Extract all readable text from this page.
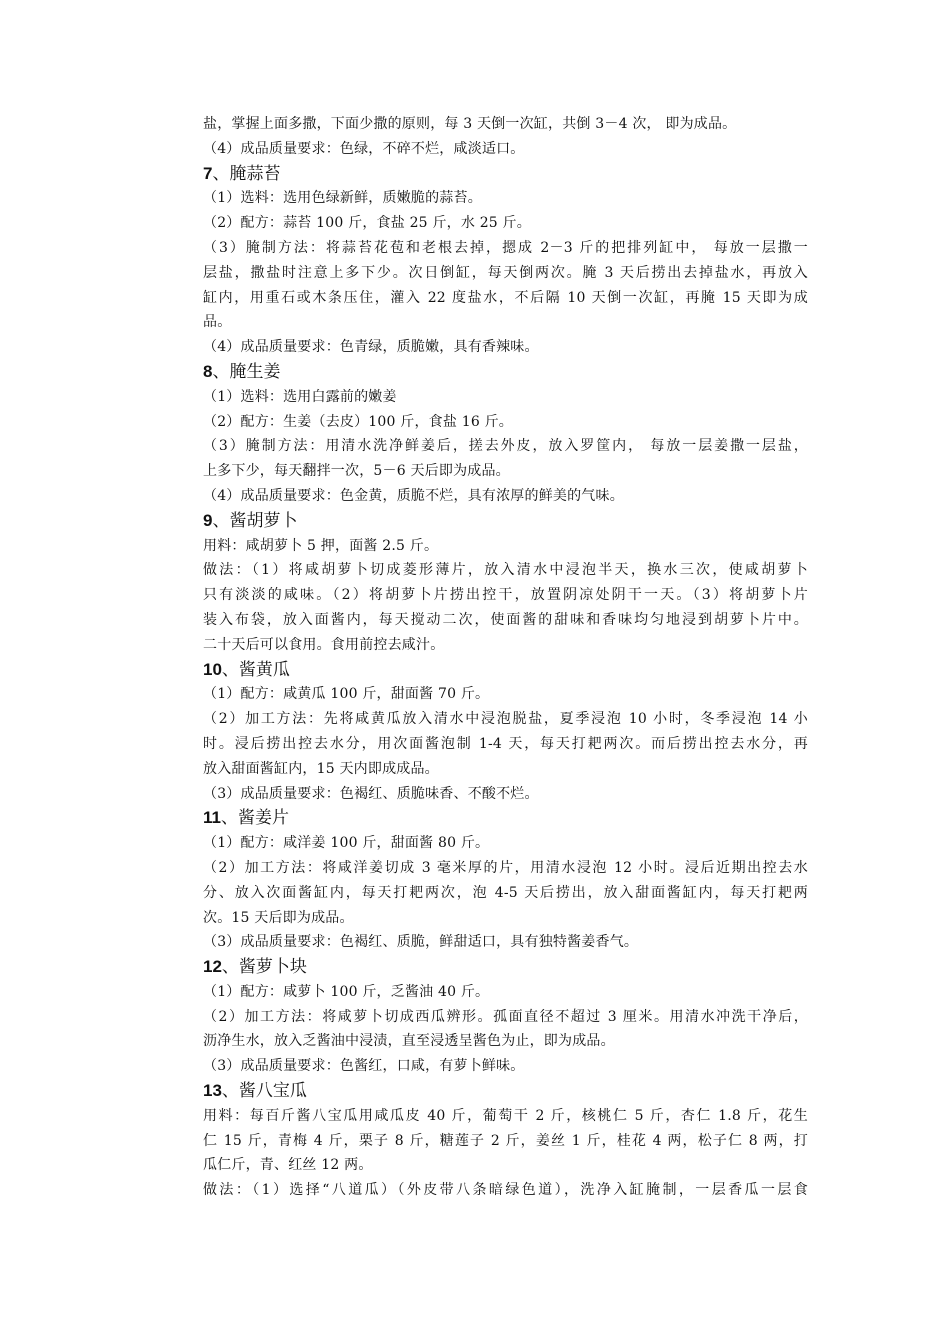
盐，掌握上面多撒，下面少撒的原则，每 3 天倒一次缸，共倒 3－4 次， 即为成品。
（4）成品质量要求：色绿，不碎不烂，咸淡适口。
7、腌蒜苔
（1）选料：选用色绿新鲜，质嫩脆的蒜苔。
（2）配方：蒜苔 100 斤，食盐 25 斤，水 25 斤。
（3）腌制方法：将蒜苔花苞和老根去掉，摁成 2－3 斤的把排列缸中， 每放一层撒一
层盐，撒盐时注意上多下少。次日倒缸，每天倒两次。腌 3 天后捞出去掉盐水，再放入
缸内，用重石或木条压住，灌入 22 度盐水，不后隔 10 天倒一次缸，再腌 15 天即为成
品。
（4）成品质量要求：色青绿，质脆嫩，具有香辣味。
8、腌生姜
（1）选料：选用白露前的嫩姜
（2）配方：生姜（去皮）100 斤，食盐 16 斤。
（3）腌制方法：用清水洗净鲜姜后，搓去外皮，放入罗筐内， 每放一层姜撒一层盐，
上多下少，每天翻拌一次，5－6 天后即为成品。
（4）成品质量要求：色金黄，质脆不烂，具有浓厚的鲜美的气味。
9、酱胡萝卜
用料：咸胡萝卜 5 押，面酱 2.5 斤。
做法：（1）将咸胡萝卜切成菱形薄片，放入清水中浸泡半天，换水三次，使咸胡萝卜
只有淡淡的咸味。（2）将胡萝卜片捞出控干，放置阴凉处阴干一天。（3）将胡萝卜片
装入布袋，放入面酱内，每天搅动二次，使面酱的甜味和香味均匀地浸到胡萝卜片中。
二十天后可以食用。食用前控去咸汁。
10、酱黄瓜
（1）配方：咸黄瓜 100 斤，甜面酱 70 斤。
（2）加工方法：先将咸黄瓜放入清水中浸泡脱盐，夏季浸泡 10 小时，冬季浸泡 14 小
时。浸后捞出控去水分，用次面酱泡制 1-4 天，每天打耙两次。而后捞出控去水分，再
放入甜面酱缸内，15 天内即成成品。
（3）成品质量要求：色褐红、质脆味香、不酸不烂。
11、酱姜片
（1）配方：咸洋姜 100 斤，甜面酱 80 斤。
（2）加工方法：将咸洋姜切成 3 毫米厚的片，用清水浸泡 12 小时。浸后近期出控去水
分、放入次面酱缸内，每天打耙两次，泡 4-5 天后捞出，放入甜面酱缸内，每天打耙两
次。15 天后即为成品。
（3）成品质量要求：色褐红、质脆，鲜甜适口，具有独特酱姜香气。
12、酱萝卜块
（1）配方：咸萝卜 100 斤，乏酱油 40 斤。
（2）加工方法：将咸萝卜切成西瓜辨形。孤面直径不超过 3 厘米。用清水冲洗干净后，
沥净生水，放入乏酱油中浸渍，直至浸透呈酱色为止，即为成品。
（3）成品质量要求：色酱红，口咸，有萝卜鲜味。
13、酱八宝瓜
用料：每百斤酱八宝瓜用咸瓜皮 40 斤，葡萄干 2 斤，核桃仁 5 斤，杏仁 1.8 斤，花生
仁 15 斤，青梅 4 斤，栗子 8 斤，糖莲子 2 斤，姜丝 1 斤，桂花 4 两，松子仁 8 两，打
瓜仁斤，青、红丝 12 两。
做法：（1）选择“八道瓜）（外皮带八条暗绿色道），洗净入缸腌制，一层香瓜一层食
